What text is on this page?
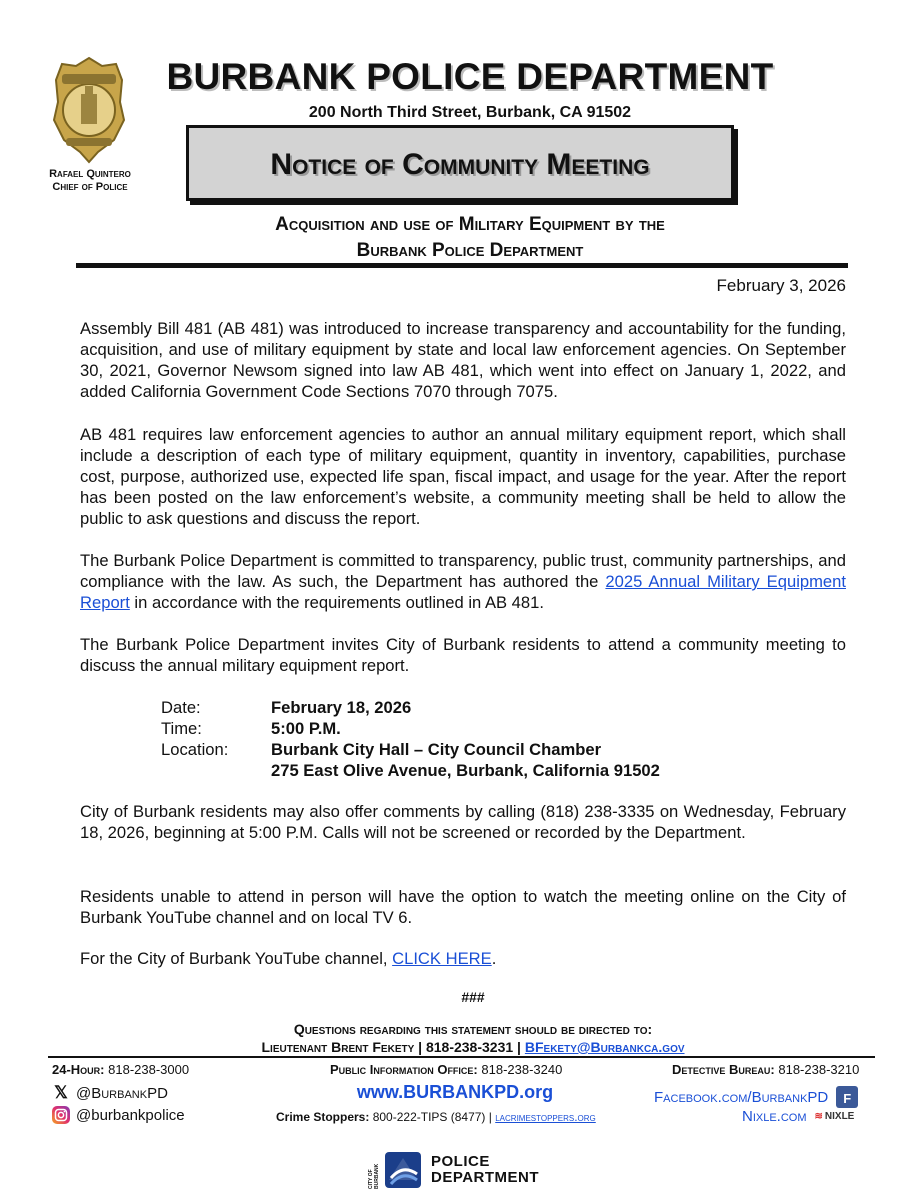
Rafael Quintero
Chief of Police
BURBANK POLICE DEPARTMENT
200 North Third Street, Burbank, CA 91502
Notice of Community Meeting
Acquisition and use of Military Equipment by the
Burbank Police Department
February 3, 2026
Assembly Bill 481 (AB 481) was introduced to increase transparency and accountability for the funding, acquisition, and use of military equipment by state and local law enforcement agencies. On September 30, 2021, Governor Newsom signed into law AB 481, which went into effect on January 1, 2022, and added California Government Code Sections 7070 through 7075.
AB 481 requires law enforcement agencies to author an annual military equipment report, which shall include a description of each type of military equipment, quantity in inventory, capabilities, purchase cost, purpose, authorized use, expected life span, fiscal impact, and usage for the year. After the report has been posted on the law enforcement’s website, a community meeting shall be held to allow the public to ask questions and discuss the report.
The Burbank Police Department is committed to transparency, public trust, community partnerships, and compliance with the law. As such, the Department has authored the 2025 Annual Military Equipment Report in accordance with the requirements outlined in AB 481.
The Burbank Police Department invites City of Burbank residents to attend a community meeting to discuss the annual military equipment report.
Date:	February 18, 2026
Time:	5:00 P.M.
Location:	Burbank City Hall – City Council Chamber
275 East Olive Avenue, Burbank, California 91502
City of Burbank residents may also offer comments by calling (818) 238-3335 on Wednesday, February 18, 2026, beginning at 5:00 P.M. Calls will not be screened or recorded by the Department.
Residents unable to attend in person will have the option to watch the meeting online on the City of Burbank YouTube channel and on local TV 6.
For the City of Burbank YouTube channel, CLICK HERE.
###
Questions regarding this statement should be directed to:
Lieutenant Brent Fekety | 818-238-3231 | BFekety@Burbankca.gov
24-Hour: 818-238-3000	Public Information Office: 818-238-3240	Detective Bureau: 818-238-3210
𝕏 @BurbankPD
@burbankpolice
www.BURBANKPD.org
Crime Stoppers: 800-222-TIPS (8477) | lacrimestoppers.org
Facebook.com/BurbankPD f
Nixle.com ≋ NIXLE
CITY OF BURBANK
POLICE
DEPARTMENT
